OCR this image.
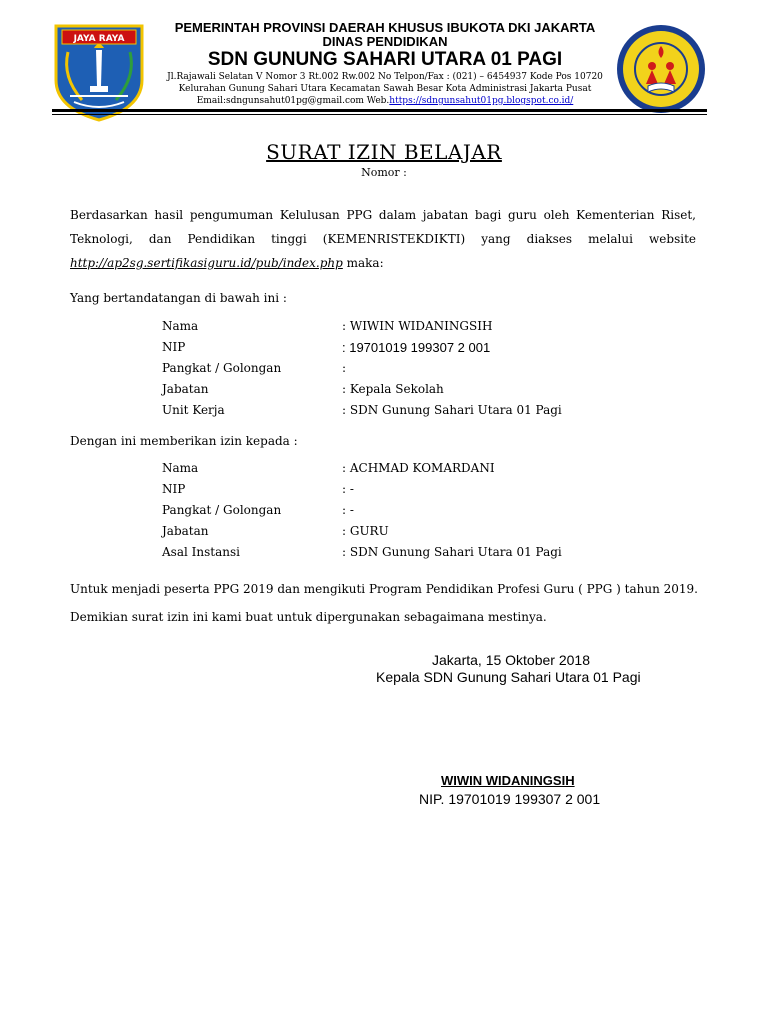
JAYA RAYA
PEMERINTAH PROVINSI DAERAH KHUSUS IBUKOTA DKI JAKARTA
DINAS PENDIDIKAN
SDN GUNUNG SAHARI UTARA 01 PAGI
Jl.Rajawali Selatan V Nomor 3 Rt.002 Rw.002 No Telpon/Fax : (021) – 6454937 Kode Pos 10720
Kelurahan Gunung Sahari Utara Kecamatan Sawah Besar Kota Administrasi Jakarta Pusat
Email:sdngunsahut01pg@gmail.com Web.https://sdngunsahut01pg.blogspot.co.id/
SURAT IZIN BELAJAR
Nomor :
Berdasarkan hasil pengumuman Kelulusan PPG dalam jabatan bagi guru oleh Kementerian Riset,
Teknologi, dan Pendidikan tinggi (KEMENRISTEKDIKTI) yang diakses melalui website
http://ap2sg.sertifikasiguru.id/pub/index.php maka:
Yang bertandatangan di bawah ini :
Nama	: WIWIN WIDANINGSIH
NIP	: 19701019 199307 2 001
Pangkat / Golongan	:
Jabatan	: Kepala Sekolah
Unit Kerja	: SDN Gunung Sahari Utara 01 Pagi
Dengan ini memberikan izin kepada :
Nama	: ACHMAD KOMARDANI
NIP	: -
Pangkat / Golongan	: -
Jabatan	: GURU
Asal Instansi	: SDN Gunung Sahari Utara 01 Pagi
Untuk menjadi peserta PPG 2019 dan mengikuti Program Pendidikan Profesi Guru ( PPG ) tahun 2019.
Demikian surat izin ini kami buat untuk dipergunakan sebagaimana mestinya.
Jakarta, 15 Oktober 2018
Kepala SDN Gunung Sahari Utara 01 Pagi
WIWIN WIDANINGSIH
NIP. 19701019 199307 2 001
